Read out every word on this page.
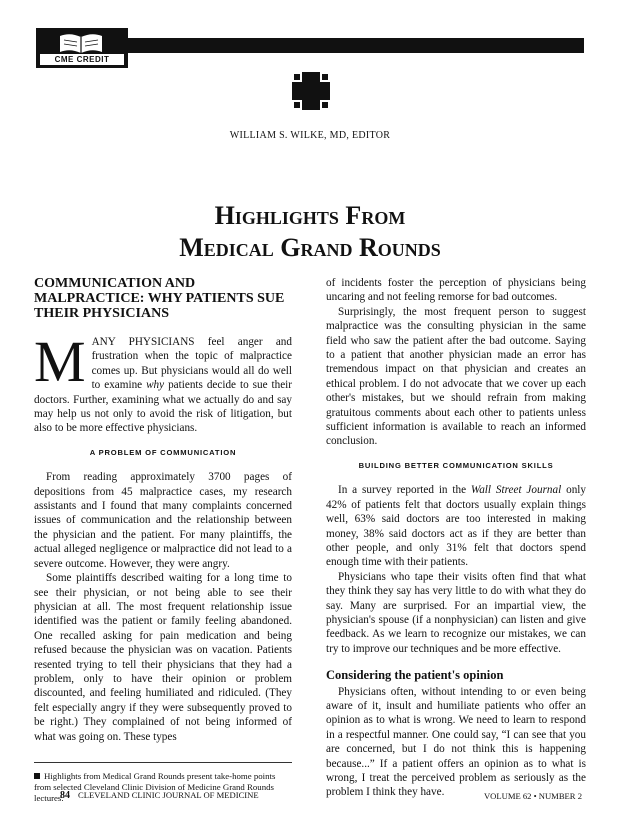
CME CREDIT
WILLIAM S. WILKE, MD, EDITOR
Highlights From
Medical Grand Rounds
COMMUNICATION AND MALPRACTICE: WHY PATIENTS SUE THEIR PHYSICIANS

MANY PHYSICIANS feel anger and frustration when the topic of malpractice comes up. But physicians would all do well to examine why patients decide to sue their doctors. Further, examining what we actually do and say may help us not only to avoid the risk of litigation, but also to be more effective physicians.

A PROBLEM OF COMMUNICATION

From reading approximately 3700 pages of depositions from 45 malpractice cases, my research assistants and I found that many complaints concerned issues of communication and the relationship between the physician and the patient. For many plaintiffs, the actual alleged negligence or malpractice did not lead to a severe outcome. However, they were angry.

Some plaintiffs described waiting for a long time to see their physician, or not being able to see their physician at all. The most frequent relationship issue identified was the patient or family feeling abandoned. One recalled asking for pain medication and being refused because the physician was on vacation. Patients resented trying to tell their physicians that they had a problem, only to have their opinion or problem discounted, and feeling humiliated and ridiculed. (They felt especially angry if they were subsequently proved to be right.) They complained of not being informed of what was going on. These types

Highlights from Medical Grand Rounds present take-home points from selected Cleveland Clinic Division of Medicine Grand Rounds lectures.

of incidents foster the perception of physicians being uncaring and not feeling remorse for bad outcomes.

Surprisingly, the most frequent person to suggest malpractice was the consulting physician in the same field who saw the patient after the bad outcome. Saying to a patient that another physician made an error has tremendous impact on that physician and creates an ethical problem. I do not advocate that we cover up each other's mistakes, but we should refrain from making gratuitous comments about each other to patients unless sufficient information is available to reach an informed conclusion.

BUILDING BETTER COMMUNICATION SKILLS

In a survey reported in the Wall Street Journal only 42% of patients felt that doctors usually explain things well, 63% said doctors are too interested in making money, 38% said doctors act as if they are better than other people, and only 31% felt that doctors spend enough time with their patients.

Physicians who tape their visits often find that what they think they say has very little to do with what they do say. Many are surprised. For an impartial view, the physician's spouse (if a nonphysician) can listen and give feedback. As we learn to recognize our mistakes, we can try to improve our techniques and be more effective.

Considering the patient's opinion

Physicians often, without intending to or even being aware of it, insult and humiliate patients who offer an opinion as to what is wrong. We need to learn to respond in a respectful manner. One could say, “I can see that you are concerned, but I do not think this is happening because...” If a patient offers an opinion as to what is wrong, I treat the perceived problem as seriously as the problem I think they have.

84 CLEVELAND CLINIC JOURNAL OF MEDICINE	VOLUME 62 • NUMBER 2
